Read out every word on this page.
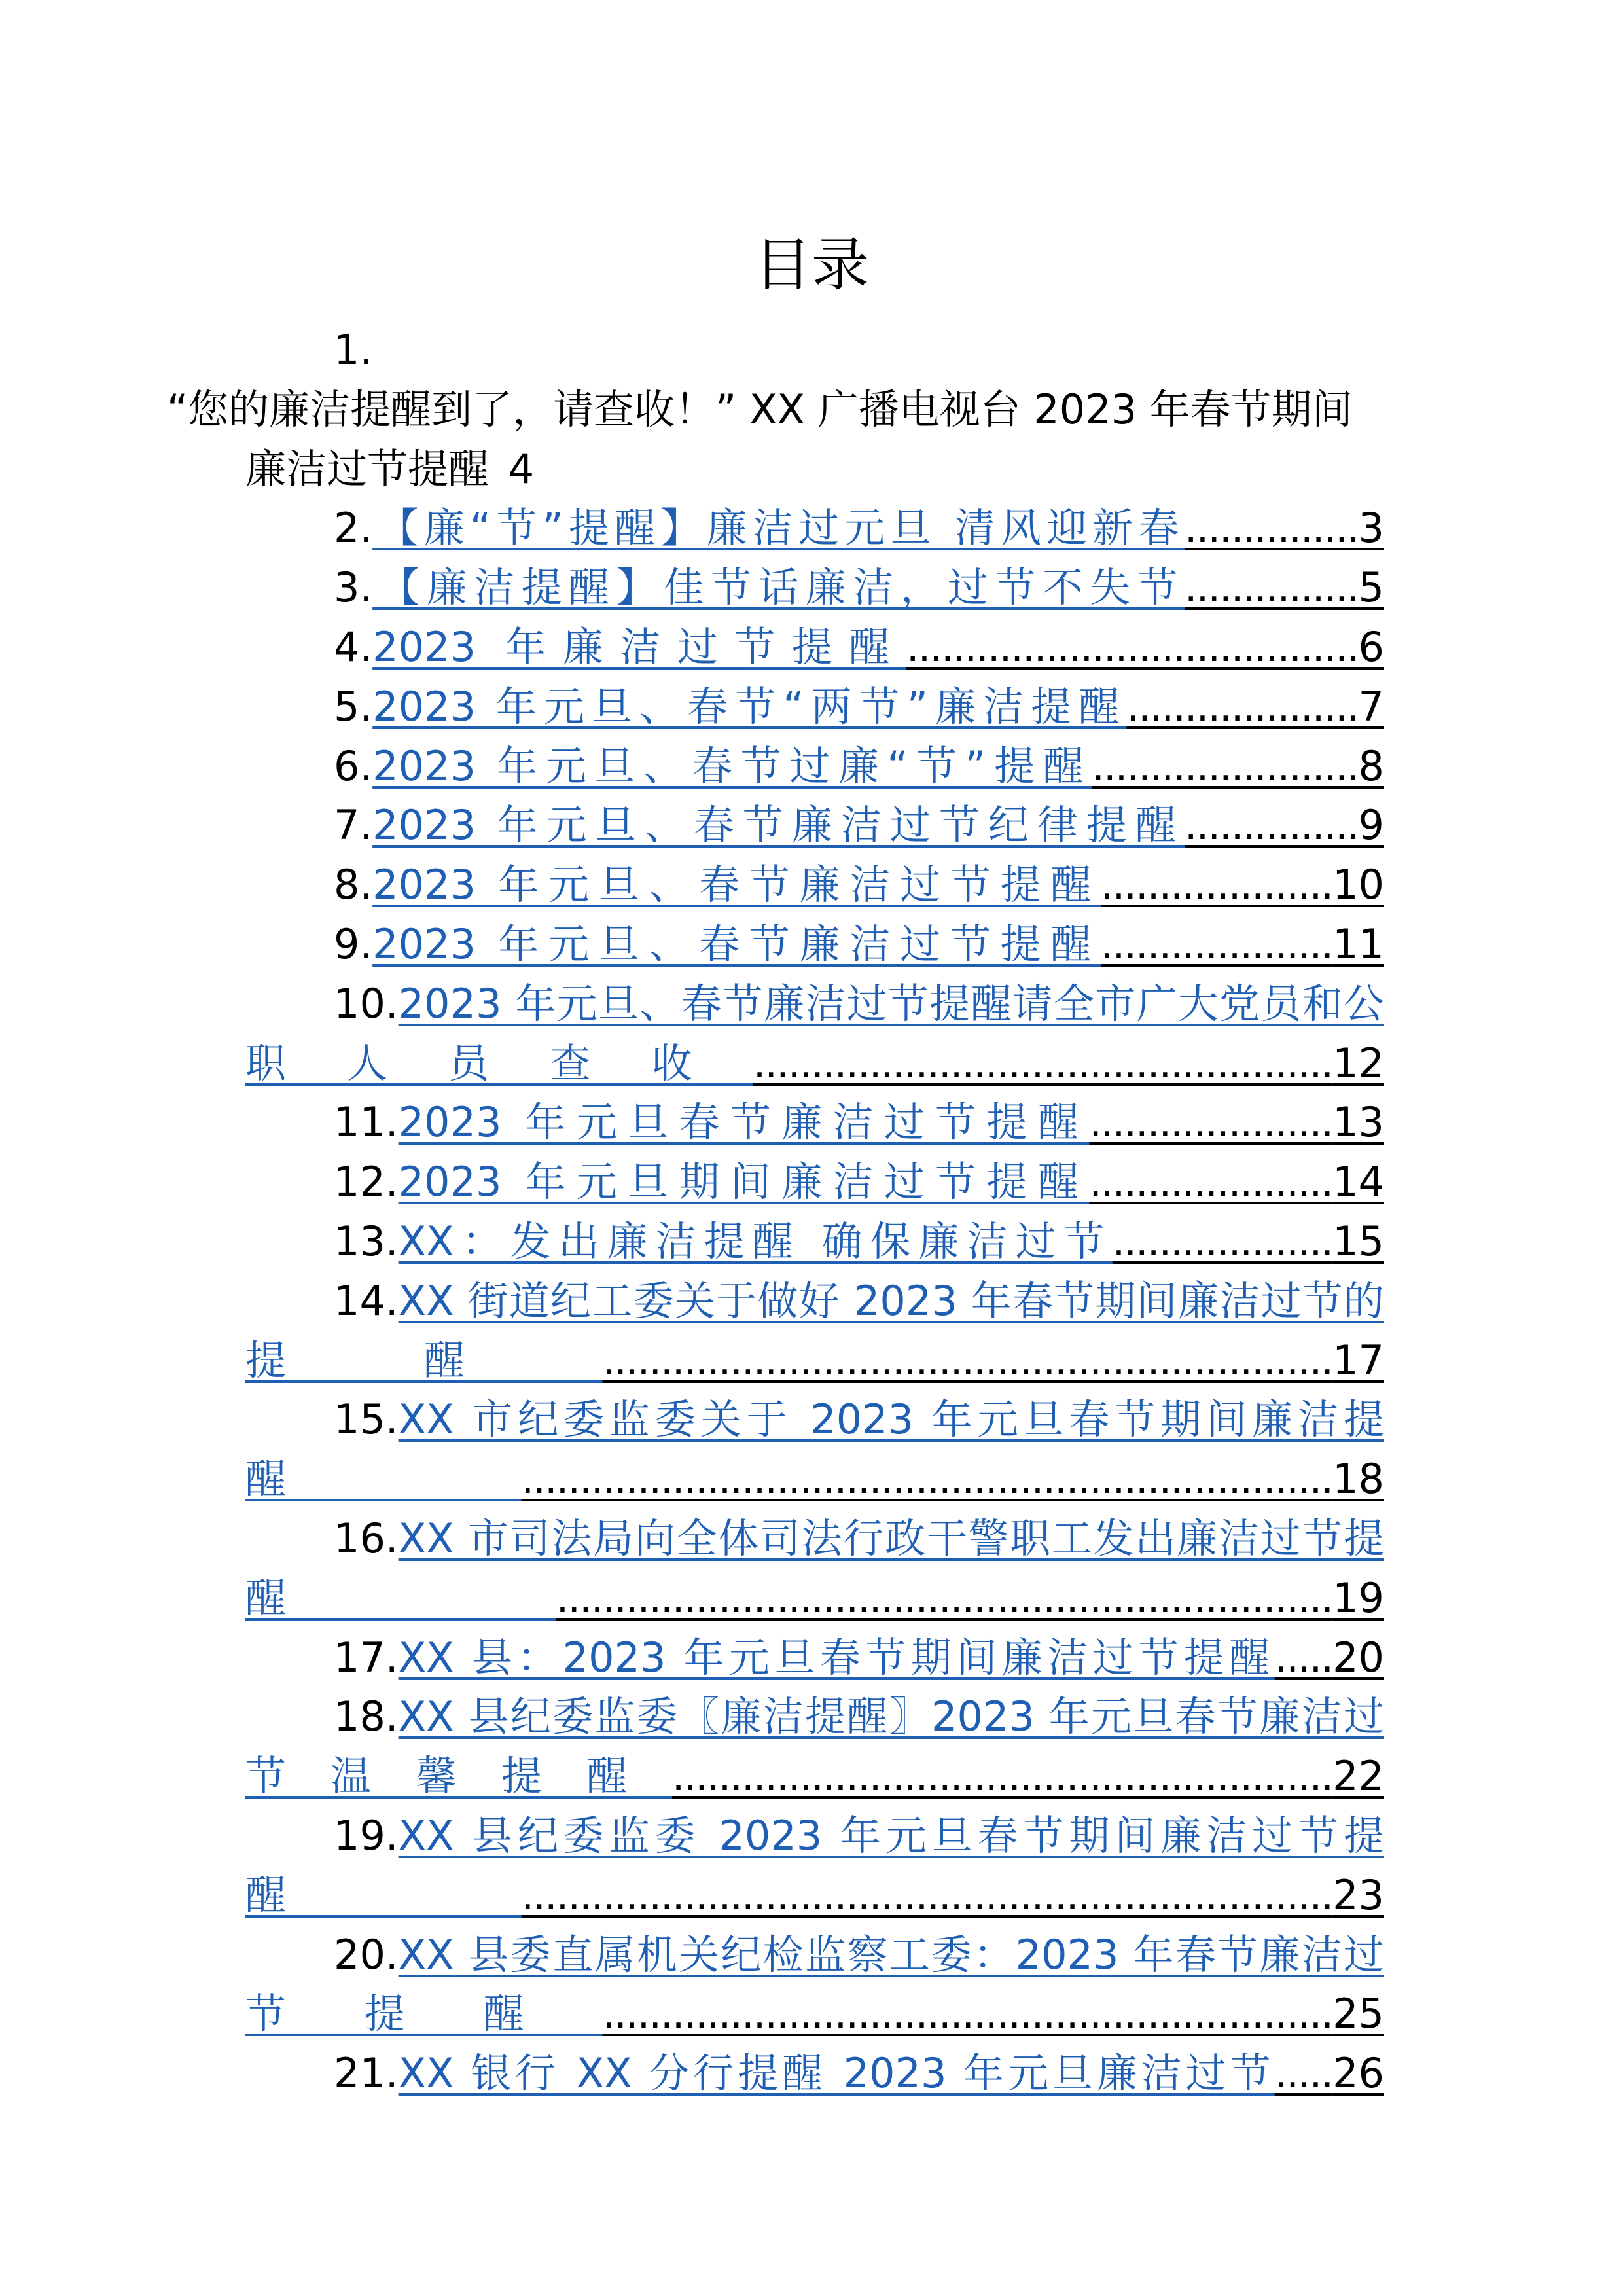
目录
1.
“您的廉洁提醒到了，请查收！” XX 广播电视台 2023 年春节期间廉洁过节提醒 4
2.【廉“节”提醒】廉洁过元旦 清风迎新春...............3
3.【廉洁提醒】佳节话廉洁，过节不失节...............5
4.2023 年廉洁过节提醒.......................................6
5.2023 年元旦、春节“两节”廉洁提醒....................7
6.2023 年元旦、春节过廉“节”提醒.......................8
7.2023 年元旦、春节廉洁过节纪律提醒...............9
8.2023 年元旦、春节廉洁过节提醒....................10
9.2023 年元旦、春节廉洁过节提醒....................11
10.2023 年元旦、春节廉洁过节提醒请全市广大党员和公职人员查收..................................................12
11.2023 年元旦春节廉洁过节提醒.....................13
12.2023 年元旦期间廉洁过节提醒.....................14
13.XX：发出廉洁提醒 确保廉洁过节...................15
14.XX 街道纪工委关于做好 2023 年春节期间廉洁过节的提醒...............................................................17
15.XX 市纪委监委关于 2023 年元旦春节期间廉洁提醒......................................................................18
16.XX 市司法局向全体司法行政干警职工发出廉洁过节提醒...................................................................19
17.XX 县：2023 年元旦春节期间廉洁过节提醒.....20
18.XX 县纪委监委〖廉洁提醒〗2023 年元旦春节廉洁过节温馨提醒.........................................................22
19.XX 县纪委监委 2023 年元旦春节期间廉洁过节提醒......................................................................23
20.XX 县委直属机关纪检监察工委：2023 年春节廉洁过节提醒...............................................................25
21.XX 银行 XX 分行提醒 2023 年元旦廉洁过节.....26
